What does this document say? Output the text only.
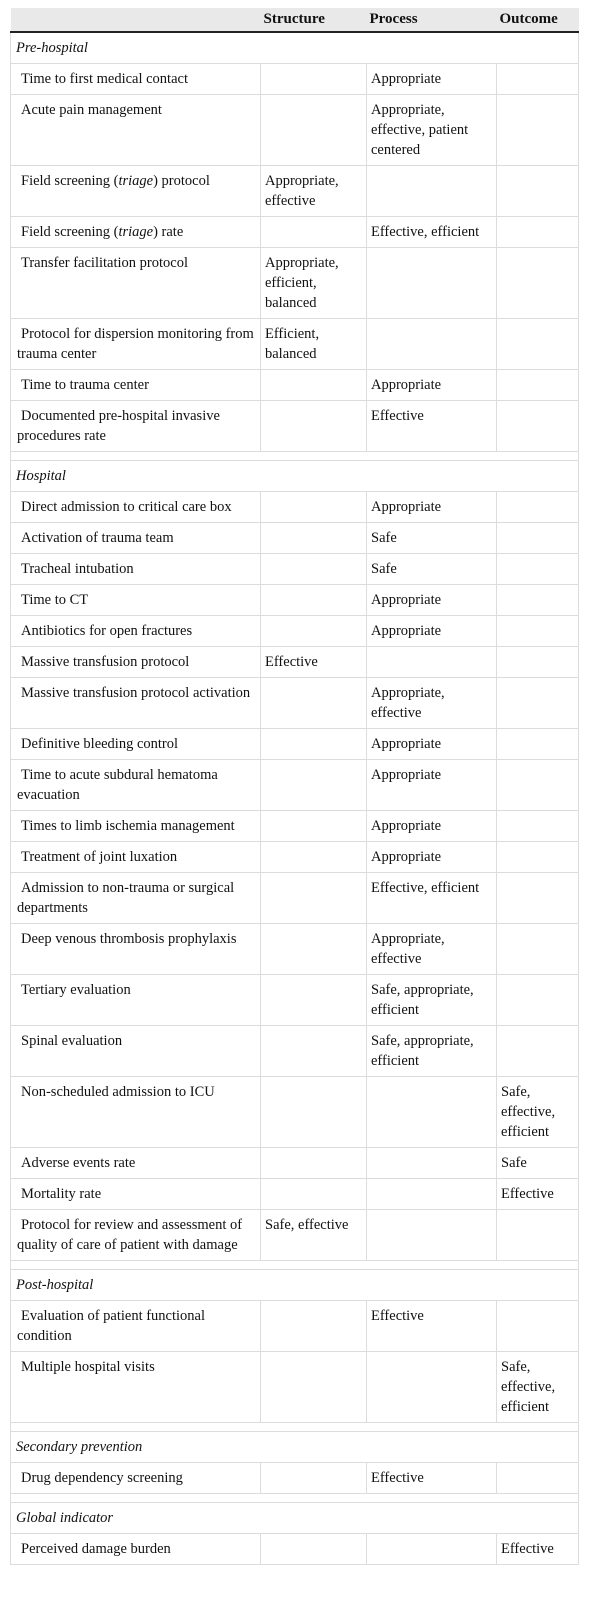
	Structure	Process	Outcome
Pre-hospital			
Time to first medical contact		Appropriate	
Acute pain management		Appropriate, effective, patient centered	
Field screening (triage) protocol	Appropriate, effective		
Field screening (triage) rate		Effective, efficient	
Transfer facilitation protocol	Appropriate, efficient, balanced		
Protocol for dispersion monitoring from trauma center	Efficient, balanced		
Time to trauma center		Appropriate	
Documented pre-hospital invasive procedures rate		Effective	

Hospital			
Direct admission to critical care box		Appropriate	
Activation of trauma team		Safe	
Tracheal intubation		Safe	
Time to CT		Appropriate	
Antibiotics for open fractures		Appropriate	
Massive transfusion protocol	Effective		
Massive transfusion protocol activation		Appropriate, effective	
Definitive bleeding control		Appropriate	
Time to acute subdural hematoma evacuation		Appropriate	
Times to limb ischemia management		Appropriate	
Treatment of joint luxation		Appropriate	
Admission to non-trauma or surgical departments		Effective, efficient	
Deep venous thrombosis prophylaxis		Appropriate, effective	
Tertiary evaluation		Safe, appropriate, efficient	
Spinal evaluation		Safe, appropriate, efficient	
Non-scheduled admission to ICU			Safe, effective, efficient
Adverse events rate			Safe
Mortality rate			Effective
Protocol for review and assessment of quality of care of patient with damage	Safe, effective		

Post-hospital			
Evaluation of patient functional condition		Effective	
Multiple hospital visits			Safe, effective, efficient

Secondary prevention			
Drug dependency screening		Effective	

Global indicator			
Perceived damage burden			Effective
